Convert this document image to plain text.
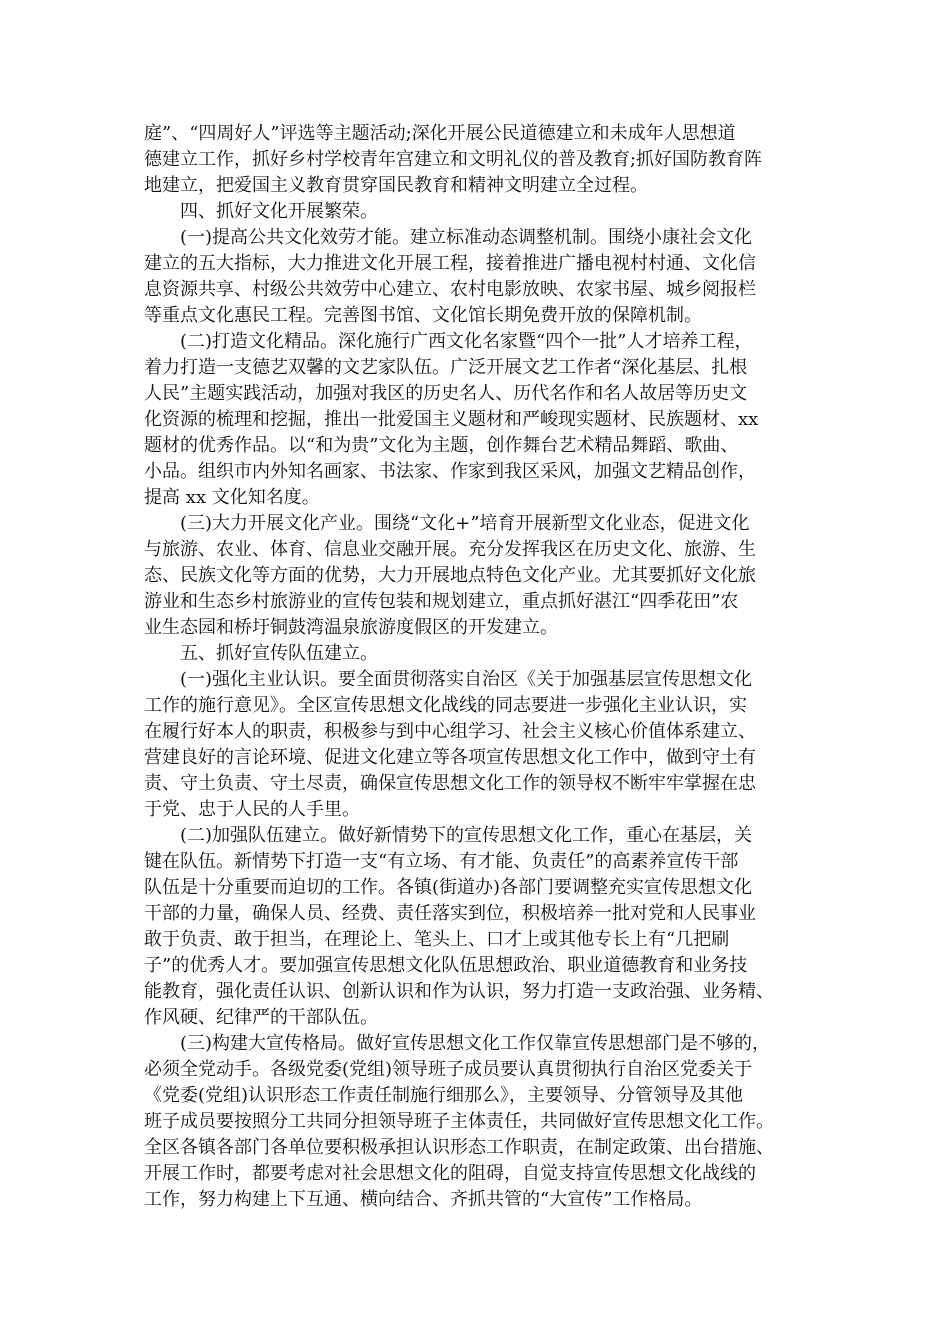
庭”、“四周好人”评选等主题活动;深化开展公民道德建立和未成年人思想道
德建立工作，抓好乡村学校青年宫建立和文明礼仪的普及教育;抓好国防教育阵
地建立，把爱国主义教育贯穿国民教育和精神文明建立全过程。
四、抓好文化开展繁荣。
(一)提高公共文化效劳才能。建立标准动态调整机制。围绕小康社会文化
建立的五大指标，大力推进文化开展工程，接着推进广播电视村村通、文化信
息资源共享、村级公共效劳中心建立、农村电影放映、农家书屋、城乡阅报栏
等重点文化惠民工程。完善图书馆、文化馆长期免费开放的保障机制。
(二)打造文化精品。深化施行广西文化名家暨“四个一批”人才培养工程，
着力打造一支德艺双馨的文艺家队伍。广泛开展文艺工作者“深化基层、扎根
人民”主题实践活动，加强对我区的历史名人、历代名作和名人故居等历史文
化资源的梳理和挖掘，推出一批爱国主义题材和严峻现实题材、民族题材、xx
题材的优秀作品。以“和为贵”文化为主题，创作舞台艺术精品舞蹈、歌曲、
小品。组织市内外知名画家、书法家、作家到我区采风，加强文艺精品创作，
提高 xx 文化知名度。
(三)大力开展文化产业。围绕“文化+”培育开展新型文化业态，促进文化
与旅游、农业、体育、信息业交融开展。充分发挥我区在历史文化、旅游、生
态、民族文化等方面的优势，大力开展地点特色文化产业。尤其要抓好文化旅
游业和生态乡村旅游业的宣传包装和规划建立，重点抓好湛江“四季花田”农
业生态园和桥圩铜鼓湾温泉旅游度假区的开发建立。
五、抓好宣传队伍建立。
(一)强化主业认识。要全面贯彻落实自治区《关于加强基层宣传思想文化
工作的施行意见》。全区宣传思想文化战线的同志要进一步强化主业认识，实
在履行好本人的职责，积极参与到中心组学习、社会主义核心价值体系建立、
营建良好的言论环境、促进文化建立等各项宣传思想文化工作中，做到守土有
责、守土负责、守土尽责，确保宣传思想文化工作的领导权不断牢牢掌握在忠
于党、忠于人民的人手里。
(二)加强队伍建立。做好新情势下的宣传思想文化工作，重心在基层，关
键在队伍。新情势下打造一支“有立场、有才能、负责任”的高素养宣传干部
队伍是十分重要而迫切的工作。各镇(街道办)各部门要调整充实宣传思想文化
干部的力量，确保人员、经费、责任落实到位，积极培养一批对党和人民事业
敢于负责、敢于担当，在理论上、笔头上、口才上或其他专长上有“几把刷
子”的优秀人才。要加强宣传思想文化队伍思想政治、职业道德教育和业务技
能教育，强化责任认识、创新认识和作为认识，努力打造一支政治强、业务精、
作风硬、纪律严的干部队伍。
(三)构建大宣传格局。做好宣传思想文化工作仅靠宣传思想部门是不够的，
必须全党动手。各级党委(党组)领导班子成员要认真贯彻执行自治区党委关于
《党委(党组)认识形态工作责任制施行细那么》，主要领导、分管领导及其他
班子成员要按照分工共同分担领导班子主体责任，共同做好宣传思想文化工作。
全区各镇各部门各单位要积极承担认识形态工作职责，在制定政策、出台措施、
开展工作时，都要考虑对社会思想文化的阻碍，自觉支持宣传思想文化战线的
工作，努力构建上下互通、横向结合、齐抓共管的“大宣传”工作格局。
